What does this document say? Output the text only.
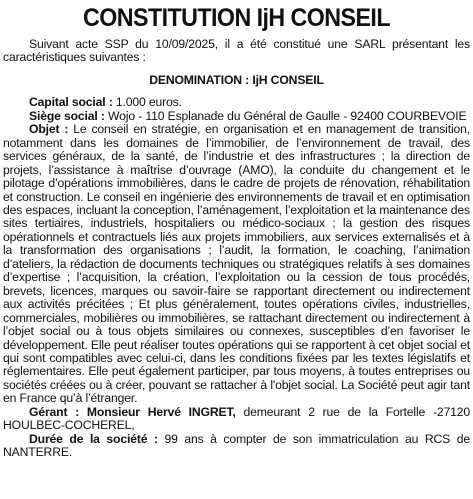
CONSTITUTION IjH CONSEIL

Suivant acte SSP du 10/09/2025, il a été constitué une SARL présentant les caractéristiques suivantes :

DENOMINATION : IjH CONSEIL

Capital social : 1.000 euros.

Siège social : Wojo - 110 Esplanade du Général de Gaulle - 92400 COURBEVOIE

Objet : Le conseil en stratégie, en organisation et en management de transition, notamment dans les domaines de l’immobilier, de l’environnement de travail, des services généraux, de la santé, de l’industrie et des infrastructures ; la direction de projets, l’assistance à maîtrise d’ouvrage (AMO), la conduite du changement et le pilotage d’opérations immobilières, dans le cadre de projets de rénovation, réhabilitation et construction. Le conseil en ingénierie des environnements de travail et en optimisation des espaces, incluant la conception, l’aménagement, l’exploitation et la maintenance des sites tertiaires, industriels, hospitaliers ou médico-sociaux ; la gestion des risques opérationnels et contractuels liés aux projets immobiliers, aux services externalisés et à la transformation des organisations ; l’audit, la formation, le coaching, l’animation d’ateliers, la rédaction de documents techniques ou stratégiques relatifs à ses domaines d’expertise ; l’acquisition, la création, l’exploitation ou la cession de tous procédés, brevets, licences, marques ou savoir-faire se rapportant directement ou indirectement aux activités précitées ; Et plus généralement, toutes opérations civiles, industrielles, commerciales, mobilières ou immobilières, se rattachant directement ou indirectement à l’objet social ou à tous objets similaires ou connexes, susceptibles d’en favoriser le développement. Elle peut réaliser toutes opérations qui se rapportent à cet objet social et qui sont compatibles avec celui-ci, dans les conditions fixées par les textes législatifs et réglementaires. Elle peut également participer, par tous moyens, à toutes entreprises ou sociétés créées ou à créer, pouvant se rattacher à l'objet social. La Société peut agir tant en France qu’à l’étranger.

Gérant : Monsieur Hervé INGRET, demeurant 2 rue de la Fortelle -27120 HOULBEC-COCHEREL,

Durée de la société : 99 ans à compter de son immatriculation au RCS de NANTERRE.
